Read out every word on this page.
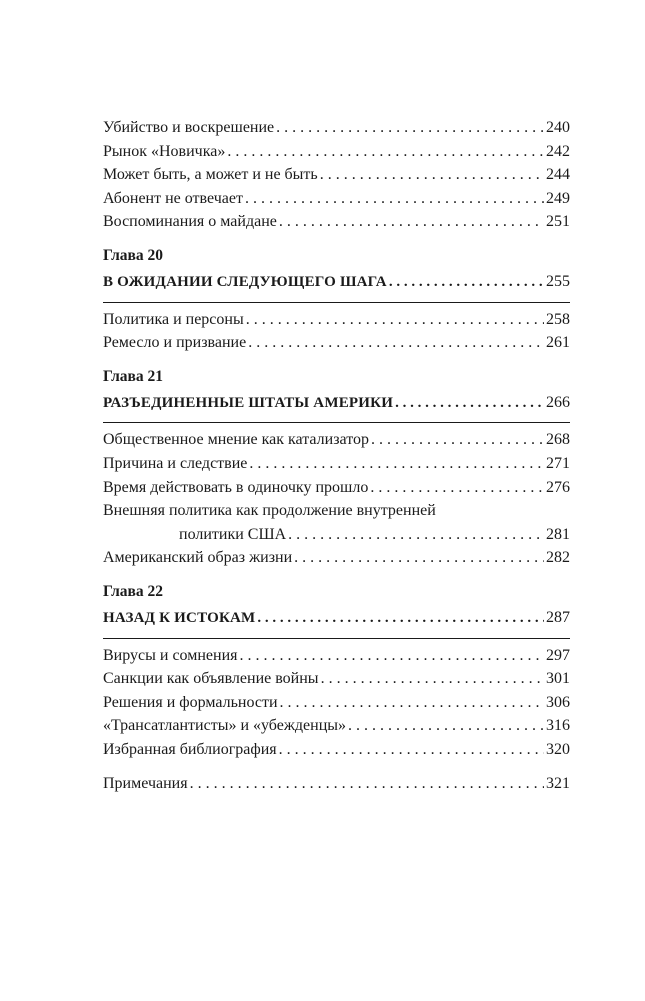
Убийство и воскрешение . . .	240
Рынок «Новичка» . . .	242
Может быть, а может и не быть . . .	244
Абонент не отвечает . . .	249
Воспоминания о майдане . . .	251
Глава 20
В ОЖИДАНИИ СЛЕДУЮЩЕГО ШАГА . . .	255
Политика и персоны . . .	258
Ремесло и призвание . . .	261
Глава 21
РАЗЪЕДИНЕННЫЕ ШТАТЫ АМЕРИКИ . . .	266
Общественное мнение как катализатор . . .	268
Причина и следствие . . .	271
Время действовать в одиночку прошло . . .	276
Внешняя политика как продолжение внутренней
политики США . . .	281
Американский образ жизни . . .	282
Глава 22
НАЗАД К ИСТОКАМ . . .	287
Вирусы и сомнения . . .	297
Санкции как объявление войны . . .	301
Решения и формальности . . .	306
«Трансатлантисты» и «убежденцы» . . .	316
Избранная библиография . . .	320
Примечания . . .	321
